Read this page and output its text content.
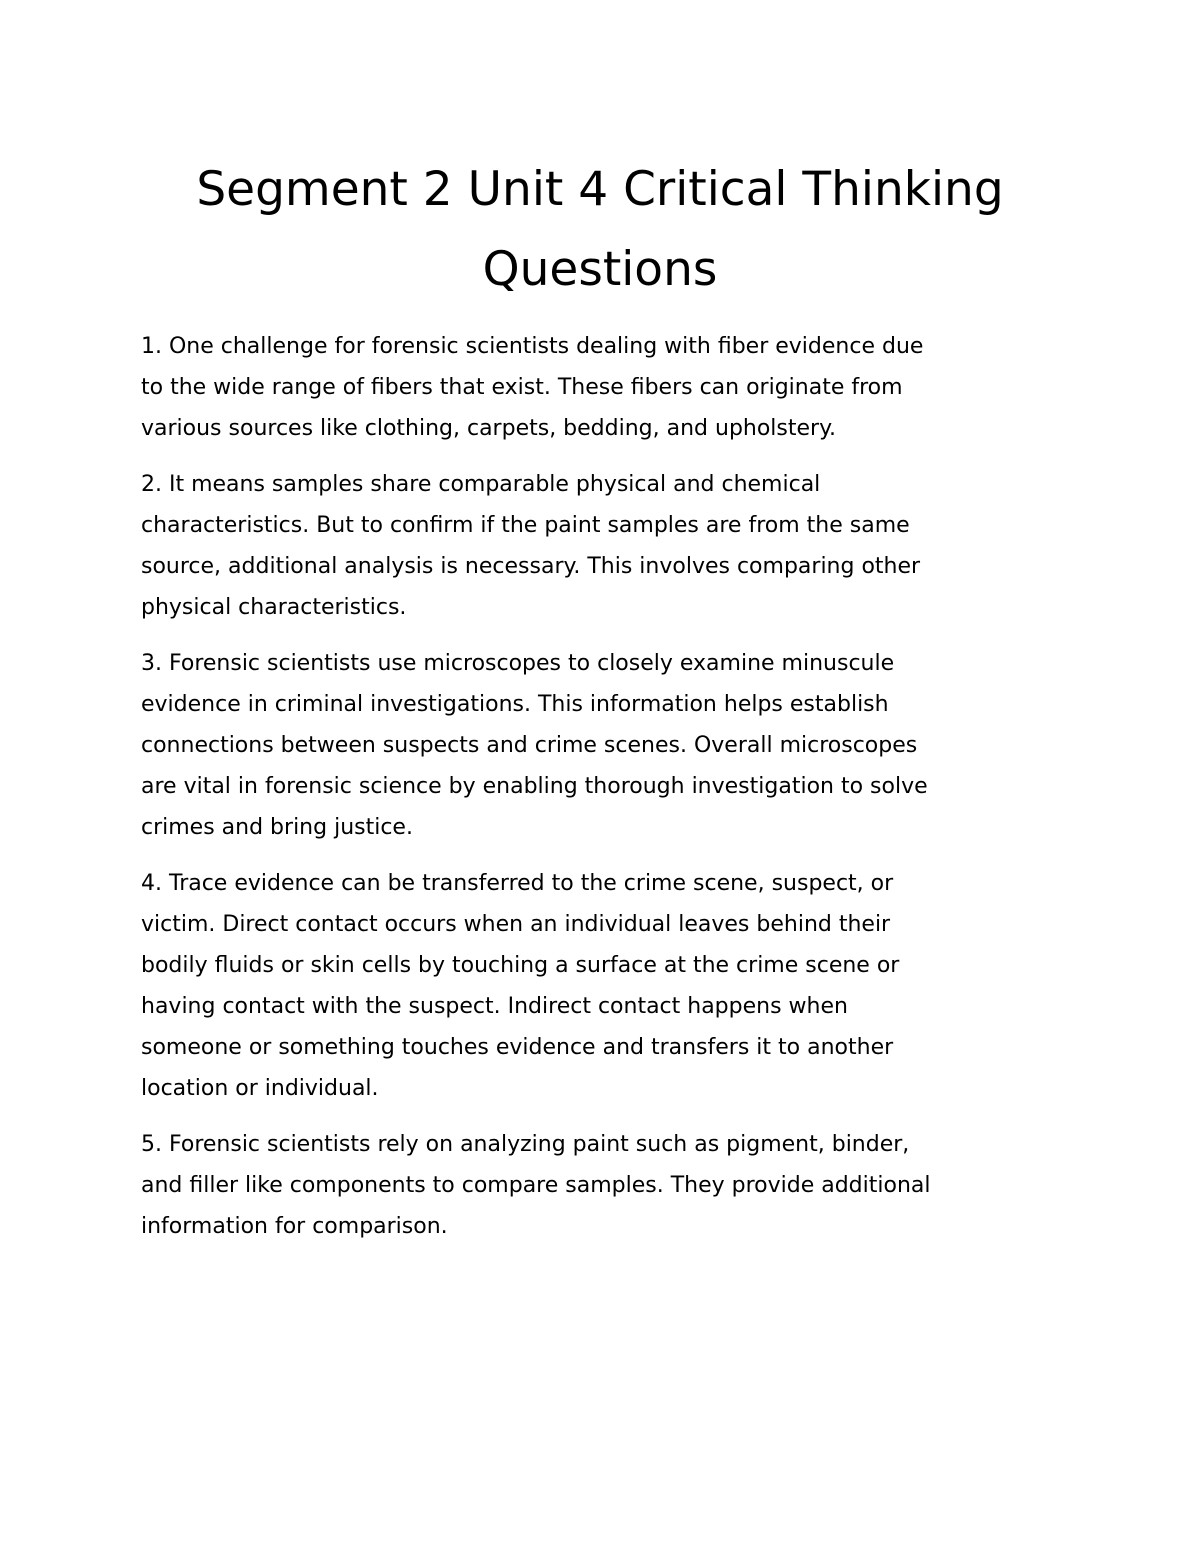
Segment 2 Unit 4 Critical Thinking
Questions
1. One challenge for forensic scientists dealing with fiber evidence due
to the wide range of fibers that exist. These fibers can originate from
various sources like clothing, carpets, bedding, and upholstery.
2. It means samples share comparable physical and chemical
characteristics. But to confirm if the paint samples are from the same
source, additional analysis is necessary. This involves comparing other
physical characteristics.
3. Forensic scientists use microscopes to closely examine minuscule
evidence in criminal investigations. This information helps establish
connections between suspects and crime scenes. Overall microscopes
are vital in forensic science by enabling thorough investigation to solve
crimes and bring justice.
4. Trace evidence can be transferred to the crime scene, suspect, or
victim. Direct contact occurs when an individual leaves behind their
bodily fluids or skin cells by touching a surface at the crime scene or
having contact with the suspect. Indirect contact happens when
someone or something touches evidence and transfers it to another
location or individual.
5. Forensic scientists rely on analyzing paint such as pigment, binder,
and filler like components to compare samples. They provide additional
information for comparison.
